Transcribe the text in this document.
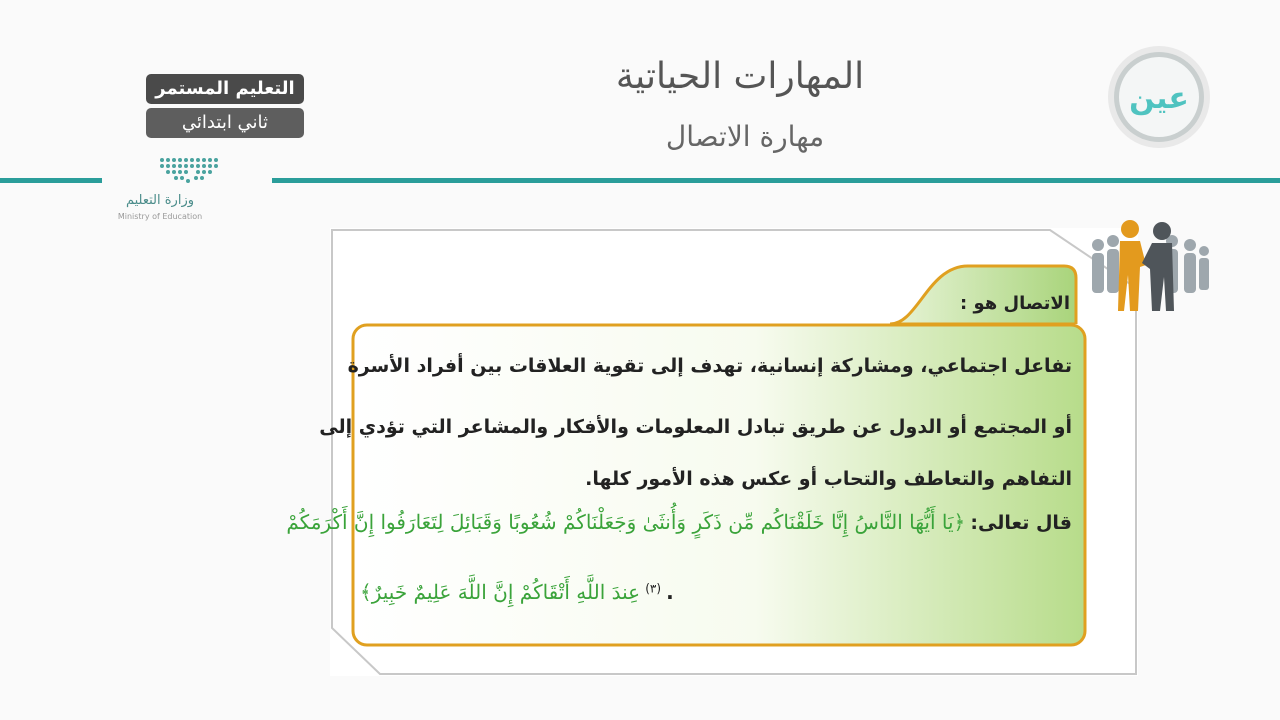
المهارات الحياتية
مهارة الاتصال
التعليم المستمر
ثاني ابتدائي
وزارة التعليم
Ministry of Education
عين
الاتصال هو :
تفاعل اجتماعي، ومشاركة إنسانية، تهدف إلى تقوية العلاقات بين أفراد الأسرة
أو المجتمع أو الدول عن طريق تبادل المعلومات والأفكار والمشاعر التي تؤدي إلى
التفاهم والتعاطف والتحاب أو عكس هذه الأمور كلها.
قال تعالى: ﴿يَا أَيُّهَا النَّاسُ إِنَّا خَلَقْنَاكُم مِّن ذَكَرٍ وَأُنثَىٰ وَجَعَلْنَاكُمْ شُعُوبًا وَقَبَائِلَ لِتَعَارَفُوا إِنَّ أَكْرَمَكُمْ
. $^{(٣)}$ عِندَ اللَّهِ أَتْقَاكُمْ إِنَّ اللَّهَ عَلِيمٌ خَبِيرٌ﴾
